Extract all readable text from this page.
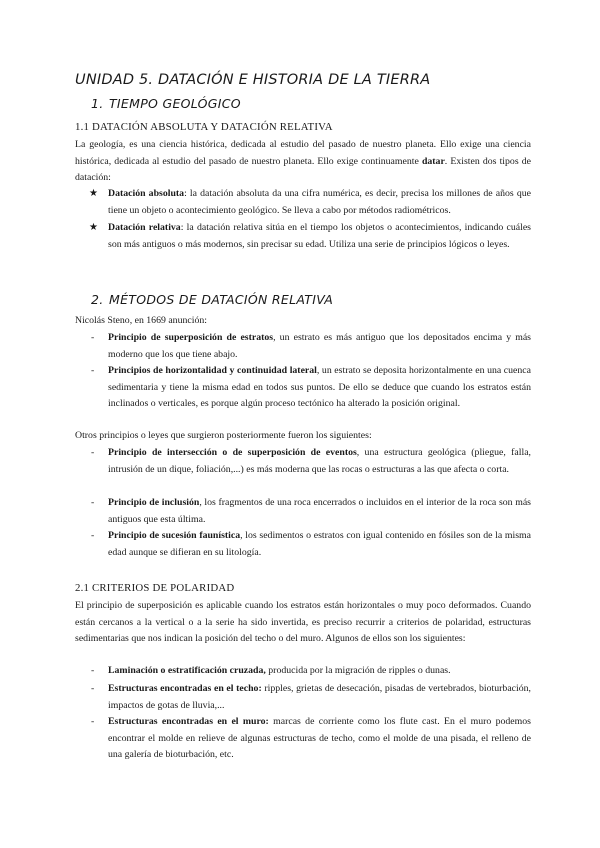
UNIDAD 5. DATACIÓN E HISTORIA DE LA TIERRA
1. TIEMPO GEOLÓGICO
1.1 DATACIÓN ABSOLUTA Y DATACIÓN RELATIVA
La geología, es una ciencia histórica, dedicada al estudio del pasado de nuestro planeta. Ello exige una ciencia histórica, dedicada al estudio del pasado de nuestro planeta. Ello exige continuamente datar. Existen dos tipos de datación:
★ Datación absoluta: la datación absoluta da una cifra numérica, es decir, precisa los millones de años que tiene un objeto o acontecimiento geológico. Se lleva a cabo por métodos radiométricos.
★ Datación relativa: la datación relativa sitúa en el tiempo los objetos o acontecimientos, indicando cuáles son más antiguos o más modernos, sin precisar su edad. Utiliza una serie de principios lógicos o leyes.
2. MÉTODOS DE DATACIÓN RELATIVA
Nicolás Steno, en 1669 anunción:
- Principio de superposición de estratos, un estrato es más antiguo que los depositados encima y más moderno que los que tiene abajo.
- Principios de horizontalidad y continuidad lateral, un estrato se deposita horizontalmente en una cuenca sedimentaria y tiene la misma edad en todos sus puntos. De ello se deduce que cuando los estratos están inclinados o verticales, es porque algún proceso tectónico ha alterado la posición original.
Otros principios o leyes que surgieron posteriormente fueron los siguientes:
- Principio de intersección o de superposición de eventos, una estructura geológica (pliegue, falla, intrusión de un dique, foliación,...) es más moderna que las rocas o estructuras a las que afecta o corta.
- Principio de inclusión, los fragmentos de una roca encerrados o incluidos en el interior de la roca son más antiguos que esta última.
- Principio de sucesión faunística, los sedimentos o estratos con igual contenido en fósiles son de la misma edad aunque se difieran en su litología.
2.1 CRITERIOS DE POLARIDAD
El principio de superposición es aplicable cuando los estratos están horizontales o muy poco deformados. Cuando están cercanos a la vertical o a la serie ha sido invertida, es preciso recurrir a criterios de polaridad, estructuras sedimentarias que nos indican la posición del techo o del muro. Algunos de ellos son los siguientes:
- Laminación o estratificación cruzada, producida por la migración de ripples o dunas.
- Estructuras encontradas en el techo: ripples, grietas de desecación, pisadas de vertebrados, bioturbación, impactos de gotas de lluvia,...
- Estructuras encontradas en el muro: marcas de corriente como los flute cast. En el muro podemos encontrar el molde en relieve de algunas estructuras de techo, como el molde de una pisada, el relleno de una galería de bioturbación, etc.
